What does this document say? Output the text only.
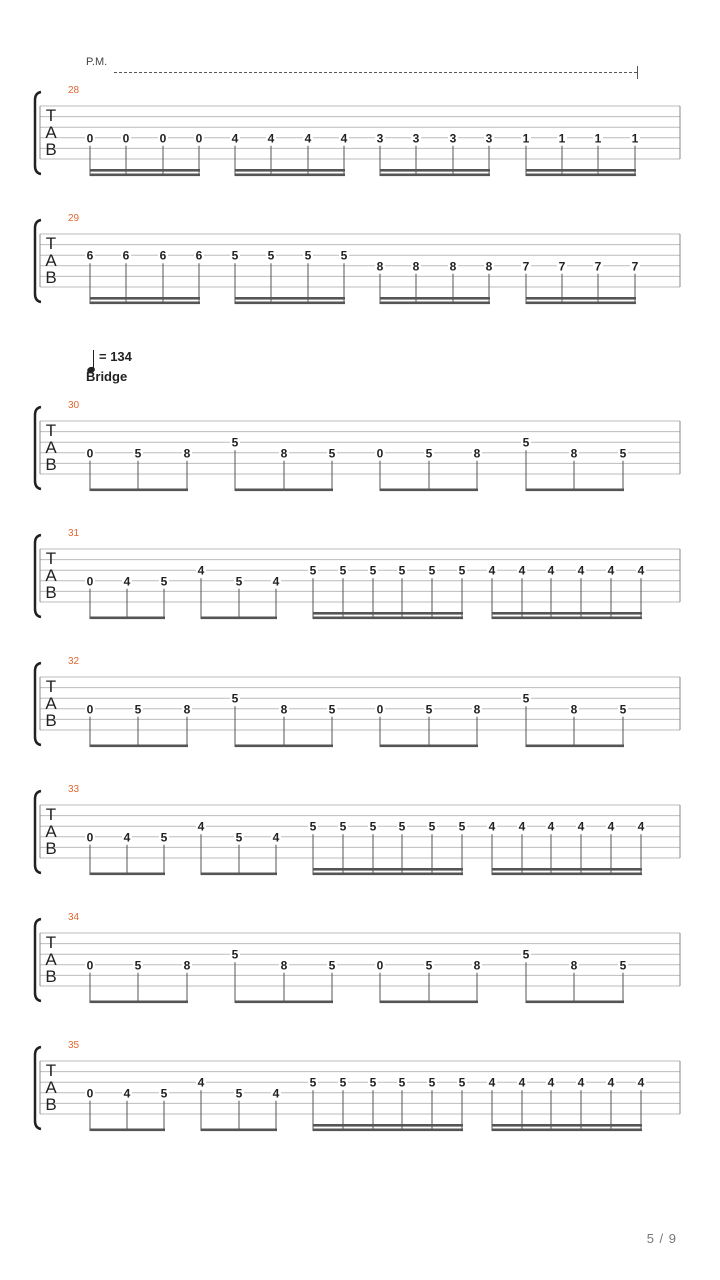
P.M.
= 134
Bridge
28
T
A
B
0 0	0 0 4 4	4 4 3 3	3 3	1 1 1	1
29
T
A
B
6 6	6 6 5 5	5 5
8 8	8 8	7 7 7	7
30
T
A
B
0	5	8
5
8	5	0	5	8
5
8	5
31
T
A
B
0	4	5
4
5	4
5 5 5 5 5 5 4 4 4 4 4 4
32
T
A
B
0	5	8
5
8	5	0	5	8
5
8	5
33
T
A
B
0	4	5
4
5	4
5 5 5 5 5 5 4 4 4 4 4 4
34
T
A
B
0	5	8
5
8	5	0	5	8
5
8	5
35
T
A
B
0	4	5
4
5	4
5 5 5 5 5 5 4 4 4 4 4 4
5 / 9
